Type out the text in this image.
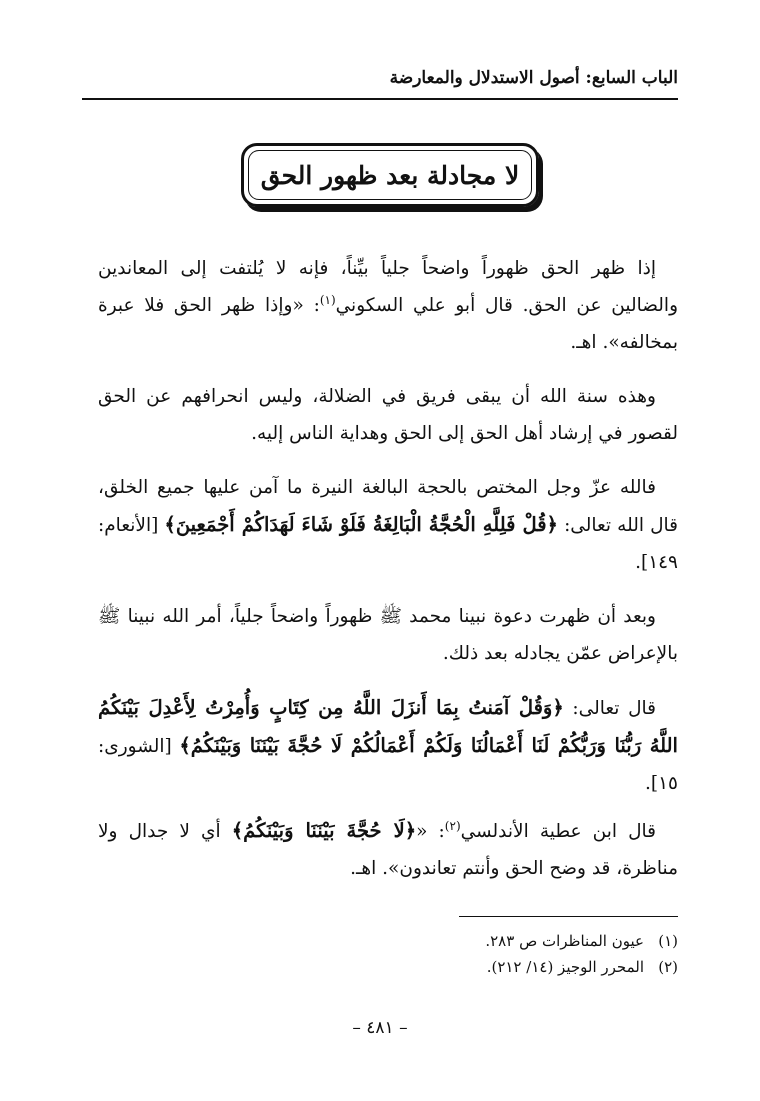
الباب السابع: أصول الاستدلال والمعارضة
لا مجادلة بعد ظهور الحق

إذا ظهر الحق ظهوراً واضحاً جلياً بيِّناً، فإنه لا يُلتفت إلى المعاندين والضالين عن الحق. قال أبو علي السكوني$^{(١)}$: «وإذا ظهر الحق فلا عبرة بمخالفه». اهـ.

وهذه سنة الله أن يبقى فريق في الضلالة، وليس انحرافهم عن الحق لقصور في إرشاد أهل الحق إلى الحق وهداية الناس إليه.

فالله عزّ وجل المختص بالحجة البالغة النيرة ما آمن عليها جميع الخلق، قال الله تعالى: ﴿قُلْ فَلِلَّهِ الْحُجَّةُ الْبَالِغَةُ فَلَوْ شَاءَ لَهَدَاكُمْ أَجْمَعِينَ﴾ [الأنعام: ١٤٩].

وبعد أن ظهرت دعوة نبينا محمد ﷺ ظهوراً واضحاً جلياً، أمر الله نبينا ﷺ بالإعراض عمّن يجادله بعد ذلك.

قال تعالى: ﴿وَقُلْ آمَنتُ بِمَا أَنزَلَ اللَّهُ مِن كِتَابٍ وَأُمِرْتُ لِأَعْدِلَ بَيْنَكُمُ اللَّهُ رَبُّنَا وَرَبُّكُمْ لَنَا أَعْمَالُنَا وَلَكُمْ أَعْمَالُكُمْ لَا حُجَّةَ بَيْنَنَا وَبَيْنَكُمُ﴾ [الشورى: ١٥].

قال ابن عطية الأندلسي$^{(٢)}$: «﴿لَا حُجَّةَ بَيْنَنَا وَبَيْنَكُمُ﴾ أي لا جدال ولا مناظرة، قد وضح الحق وأنتم تعاندون». اهـ.

(١)عيون المناظرات ص ٢٨٣.
(٢)المحرر الوجيز (١٤/ ٢١٢).
– ٤٨١ –
